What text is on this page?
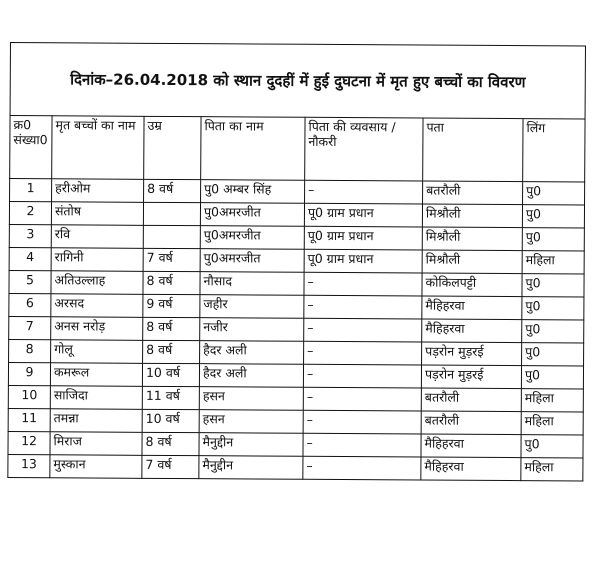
दिनांक–26.04.2018 को स्थान दुदहीं में हुई दुघटना में मृत हुए बच्चों का विवरण						
क्र0 संख्या0	मृत बच्चों का नाम	उम्र	पिता का नाम	पिता की व्यवसाय / नौकरी	पता	लिंग
1	हरीओम	8 वर्ष	पु0 अम्बर सिंह	–	बतरौली	पु0
2	संतोष		पु0अमरजीत	पू0 ग्राम प्रधान	मिश्रौली	पु0
3	रवि		पु0अमरजीत	पू0 ग्राम प्रधान	मिश्रौली	पु0
4	रागिनी	7 वर्ष	पु0अमरजीत	पू0 ग्राम प्रधान	मिश्रौली	महिला
5	अतिउल्लाह	8 वर्ष	नौसाद	–	कोकिलपट्टी	पु0
6	अरसद	9 वर्ष	जहीर	–	मैहिहरवा	पु0
7	अनस नरोड़	8 वर्ष	नजीर	–	मैहिहरवा	पु0
8	गोलू	8 वर्ष	हैदर अली	–	पड़रोन मुड़रई	पु0
9	कमरूल	10 वर्ष	हैदर अली	–	पड़रोन मुड़रई	पु0
10	साजिदा	11 वर्ष	हसन	–	बतरौली	महिला
11	तमन्ना	10 वर्ष	हसन	–	बतरौली	महिला
12	मिराज	8 वर्ष	मैनुद्दीन	–	मैहिहरवा	पु0
13	मुस्कान	7 वर्ष	मैनुद्दीन	–	मैहिहरवा	महिला
